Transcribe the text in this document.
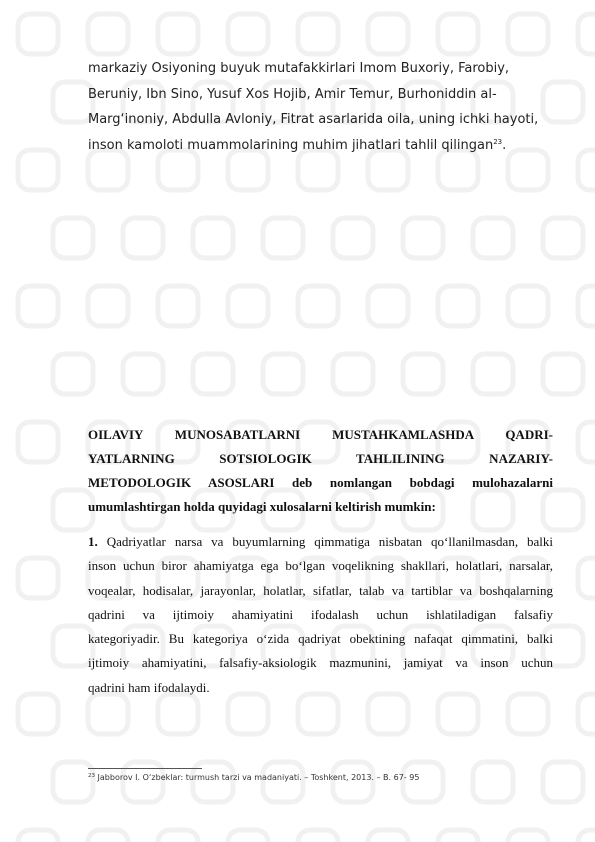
markaziy Osiyoning buyuk mutafakkirlari Imom Buxoriy, Farobiy,
Beruniy, Ibn Sino, Yusuf Xos Hojib, Amir Temur, Burhoniddin al-
Marg‘inoniy, Abdulla Avloniy, Fitrat asarlarida oila, uning ichki hayoti,
inson kamoloti muammolarining muhim jihatlari tahlil qilingan$^{23}$.
OILAVIY MUNOSABATLARNI MUSTAHKAMLASHDA QADRI-
YATLARNING SOTSIOLOGIK TAHLILINING NAZARIY-
METODOLOGIK ASOSLARI deb nomlangan bobdagi mulohazalarni
umumlashtirgan holda quyidagi xulosalarni keltirish mumkin:
1. Qadriyatlar narsa va buyumlarning qimmatiga nisbatan qo‘llanilmasdan, balki
inson uchun biror ahamiyatga ega bo‘lgan voqelikning shakllari, holatlari, narsalar,
voqealar, hodisalar, jarayonlar, holatlar, sifatlar, talab va tartiblar va boshqalarning
qadrini va ijtimoiy ahamiyatini ifodalash uchun ishlatiladigan falsafiy
kategoriyadir. Bu kategoriya o‘zida qadriyat obektining nafaqat qimmatini, balki
ijtimoiy ahamiyatini, falsafiy-aksiologik mazmunini, jamiyat va inson uchun
qadrini ham ifodalaydi.
$^{23}$ Jabborov I. O‘zbeklar: turmush tarzi va madaniyati. – Toshkent, 2013. – B. 67- 95
